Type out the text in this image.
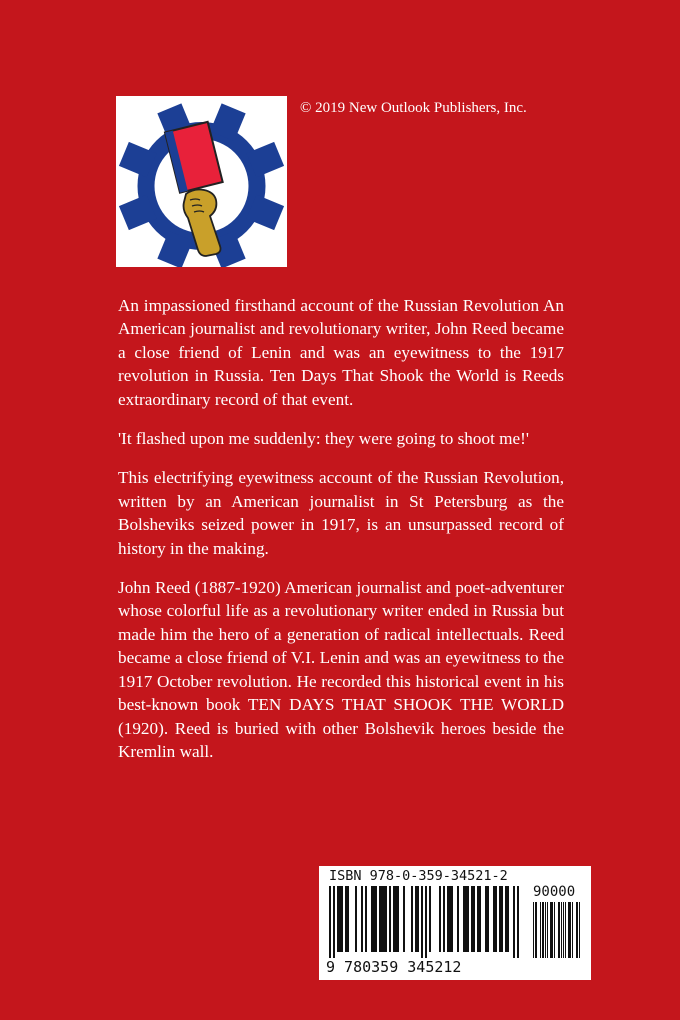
© 2019 New Outlook Publishers, Inc.

An impassioned firsthand account of the Russian Revolution An American journalist and revolutionary writer, John Reed became a close friend of Lenin and was an eyewitness to the 1917 revolution in Russia. Ten Days That Shook the World is Reeds extraordinary record of that event.

'It flashed upon me suddenly: they were going to shoot me!'

This electrifying eyewitness account of the Russian Revolution, written by an American journalist in St Petersburg as the Bolsheviks seized power in 1917, is an unsurpassed record of history in the making.

John Reed (1887-1920) American journalist and poet-adventurer whose colorful life as a revolutionary writer ended in Russia but made him the hero of a generation of radical intellectuals. Reed became a close friend of V.I. Lenin and was an eyewitness to the 1917 October revolution. He recorded this historical event in his best-known book TEN DAYS THAT SHOOK THE WORLD (1920). Reed is buried with other Bolshevik heroes beside the Kremlin wall.

ISBN 978-0-359-34521-2
9 780359 345212
90000
